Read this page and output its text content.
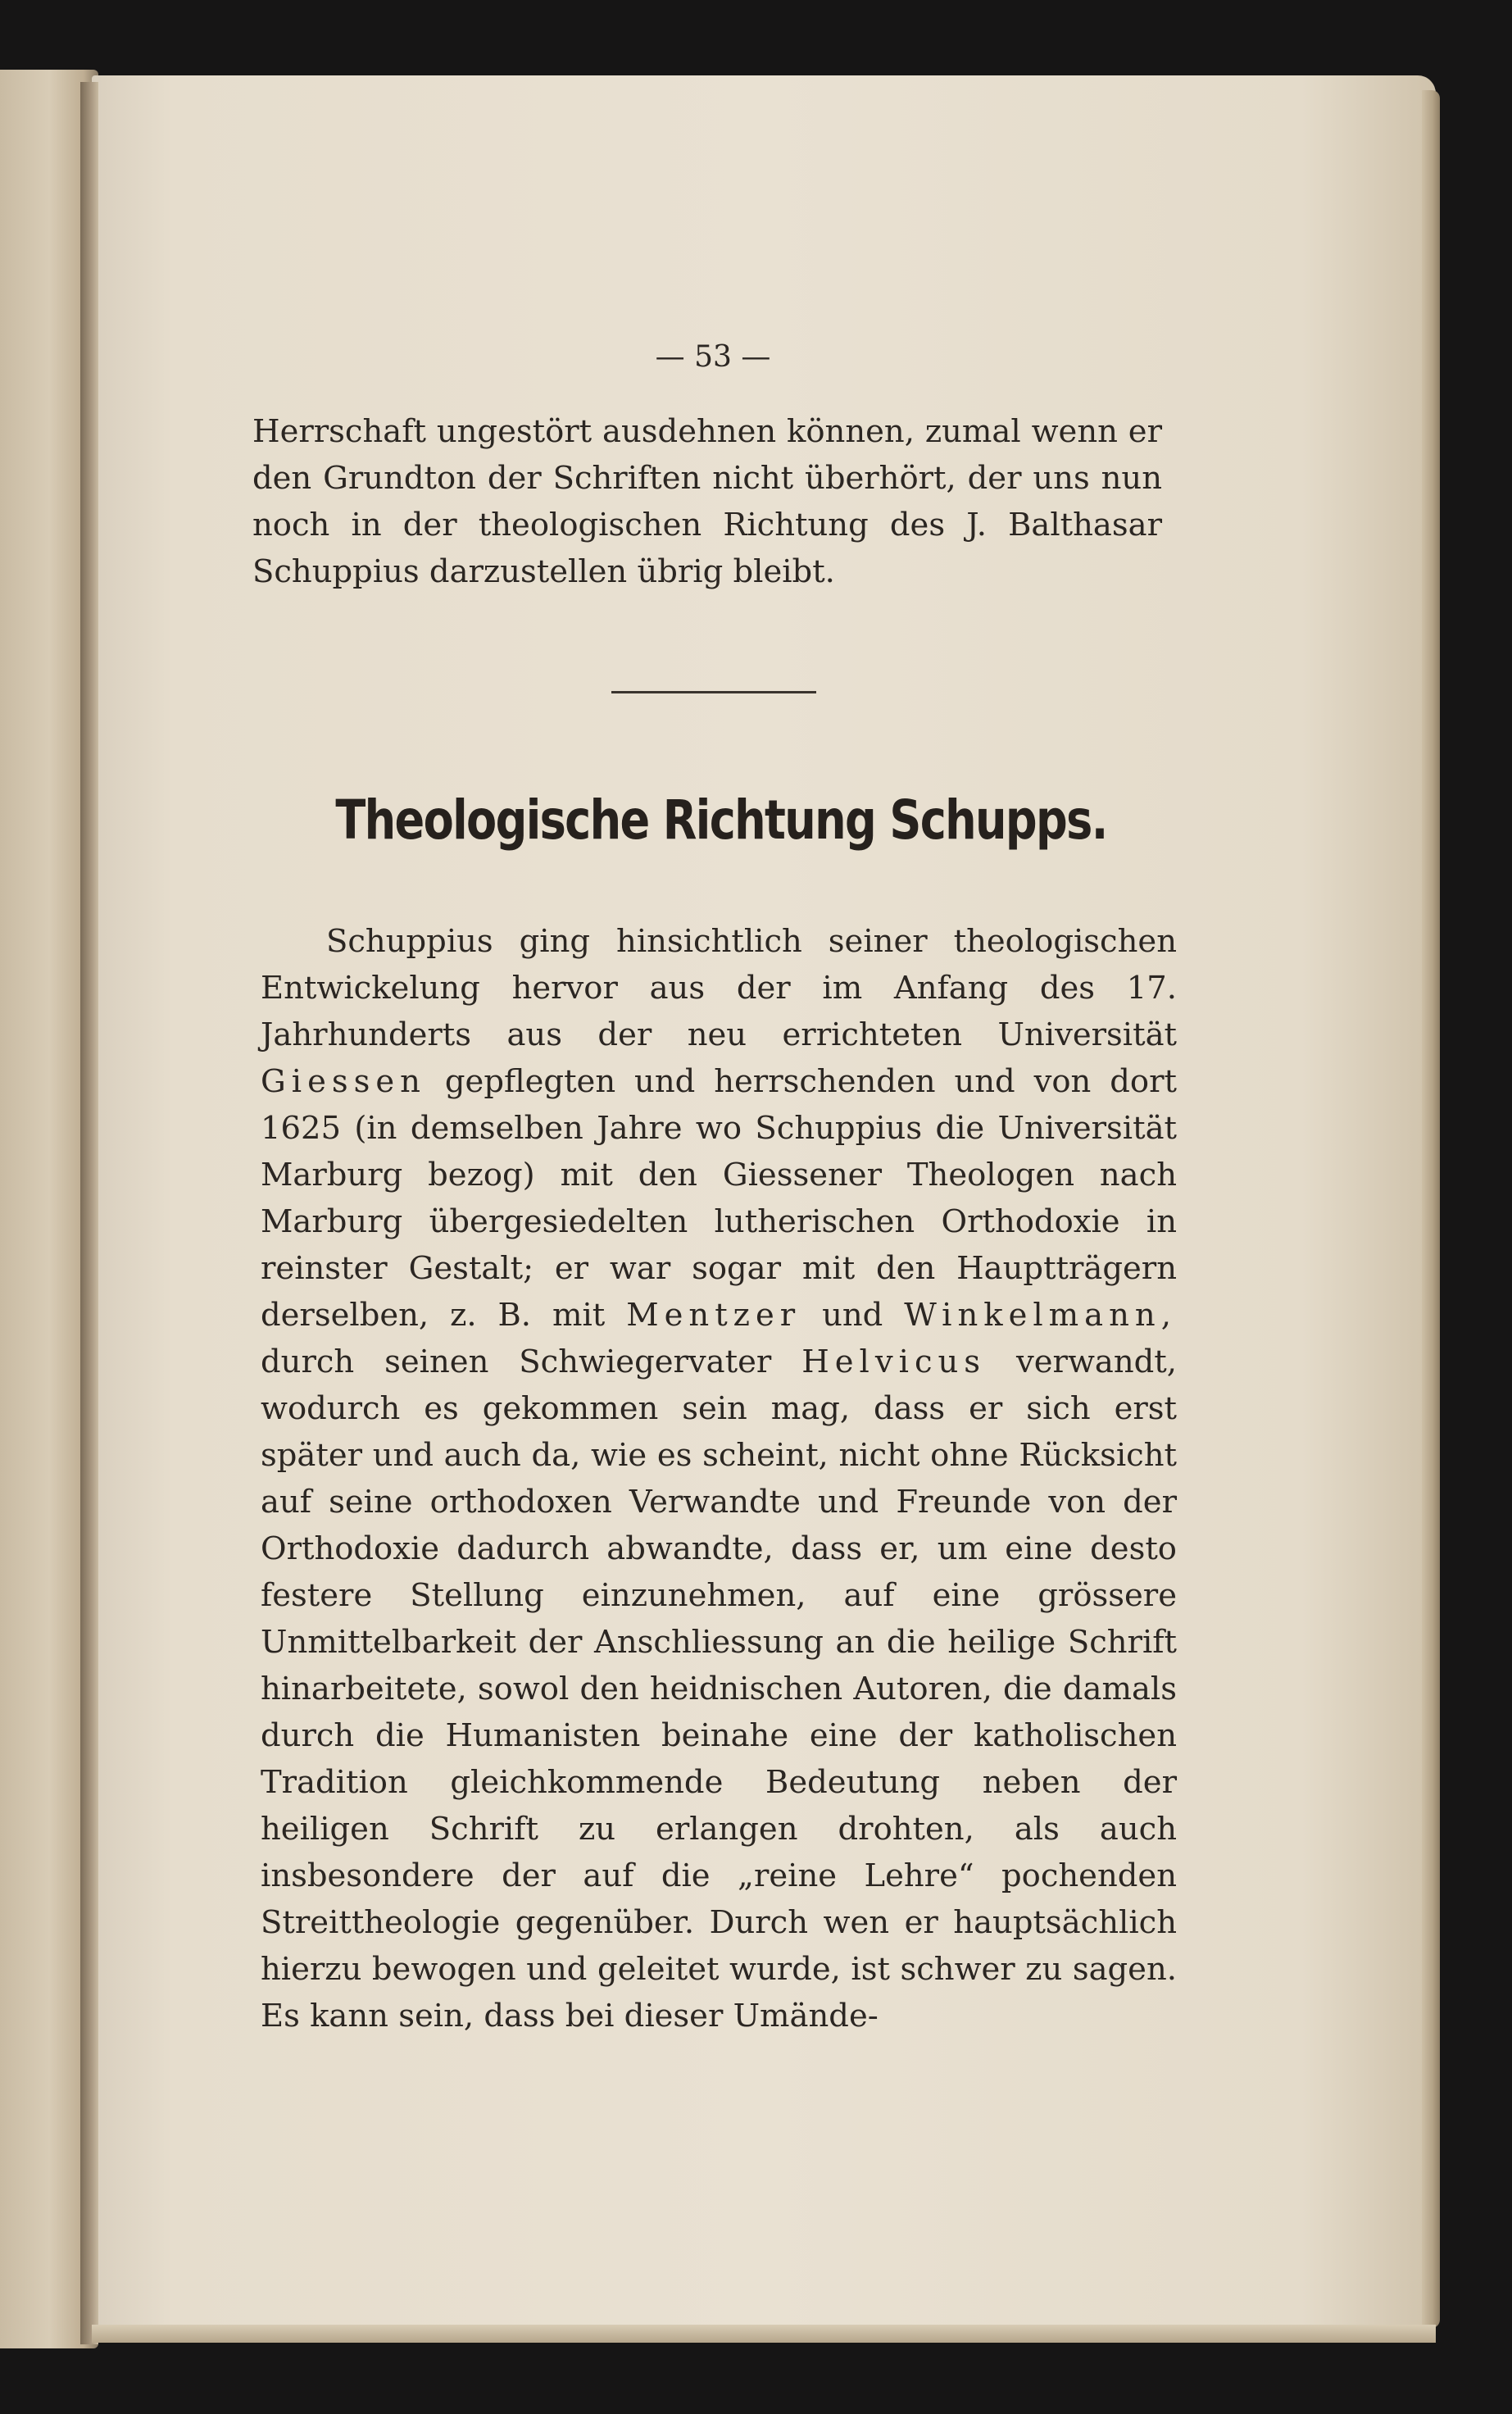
— 53 —
Herrschaft ungestört ausdehnen können, zumal wenn er den Grundton der Schriften nicht überhört, der uns nun noch in der theologischen Richtung des J. Balthasar Schuppius darzustellen übrig bleibt.
Theologische Richtung Schupps.
Schuppius ging hinsichtlich seiner theologischen Entwickelung hervor aus der im Anfang des 17. Jahrhunderts aus der neu errichteten Universität Giessen gepflegten und herrschenden und von dort 1625 (in demselben Jahre wo Schuppius die Universität Marburg bezog) mit den Giessener Theologen nach Marburg übergesiedelten lutherischen Orthodoxie in reinster Gestalt; er war sogar mit den Hauptträgern derselben, z. B. mit Mentzer und Winkelmann, durch seinen Schwiegervater Helvicus verwandt, wodurch es gekommen sein mag, dass er sich erst später und auch da, wie es scheint, nicht ohne Rücksicht auf seine orthodoxen Verwandte und Freunde von der Orthodoxie dadurch abwandte, dass er, um eine desto festere Stellung einzunehmen, auf eine grössere Unmittelbarkeit der Anschliessung an die heilige Schrift hinarbeitete, sowol den heidnischen Autoren, die damals durch die Humanisten beinahe eine der katholischen Tradition gleichkommende Bedeutung neben der heiligen Schrift zu erlangen drohten, als auch insbesondere der auf die „reine Lehre“ pochenden Streittheologie gegenüber. Durch wen er hauptsächlich hierzu bewogen und geleitet wurde, ist schwer zu sagen. Es kann sein, dass bei dieser Umände-
